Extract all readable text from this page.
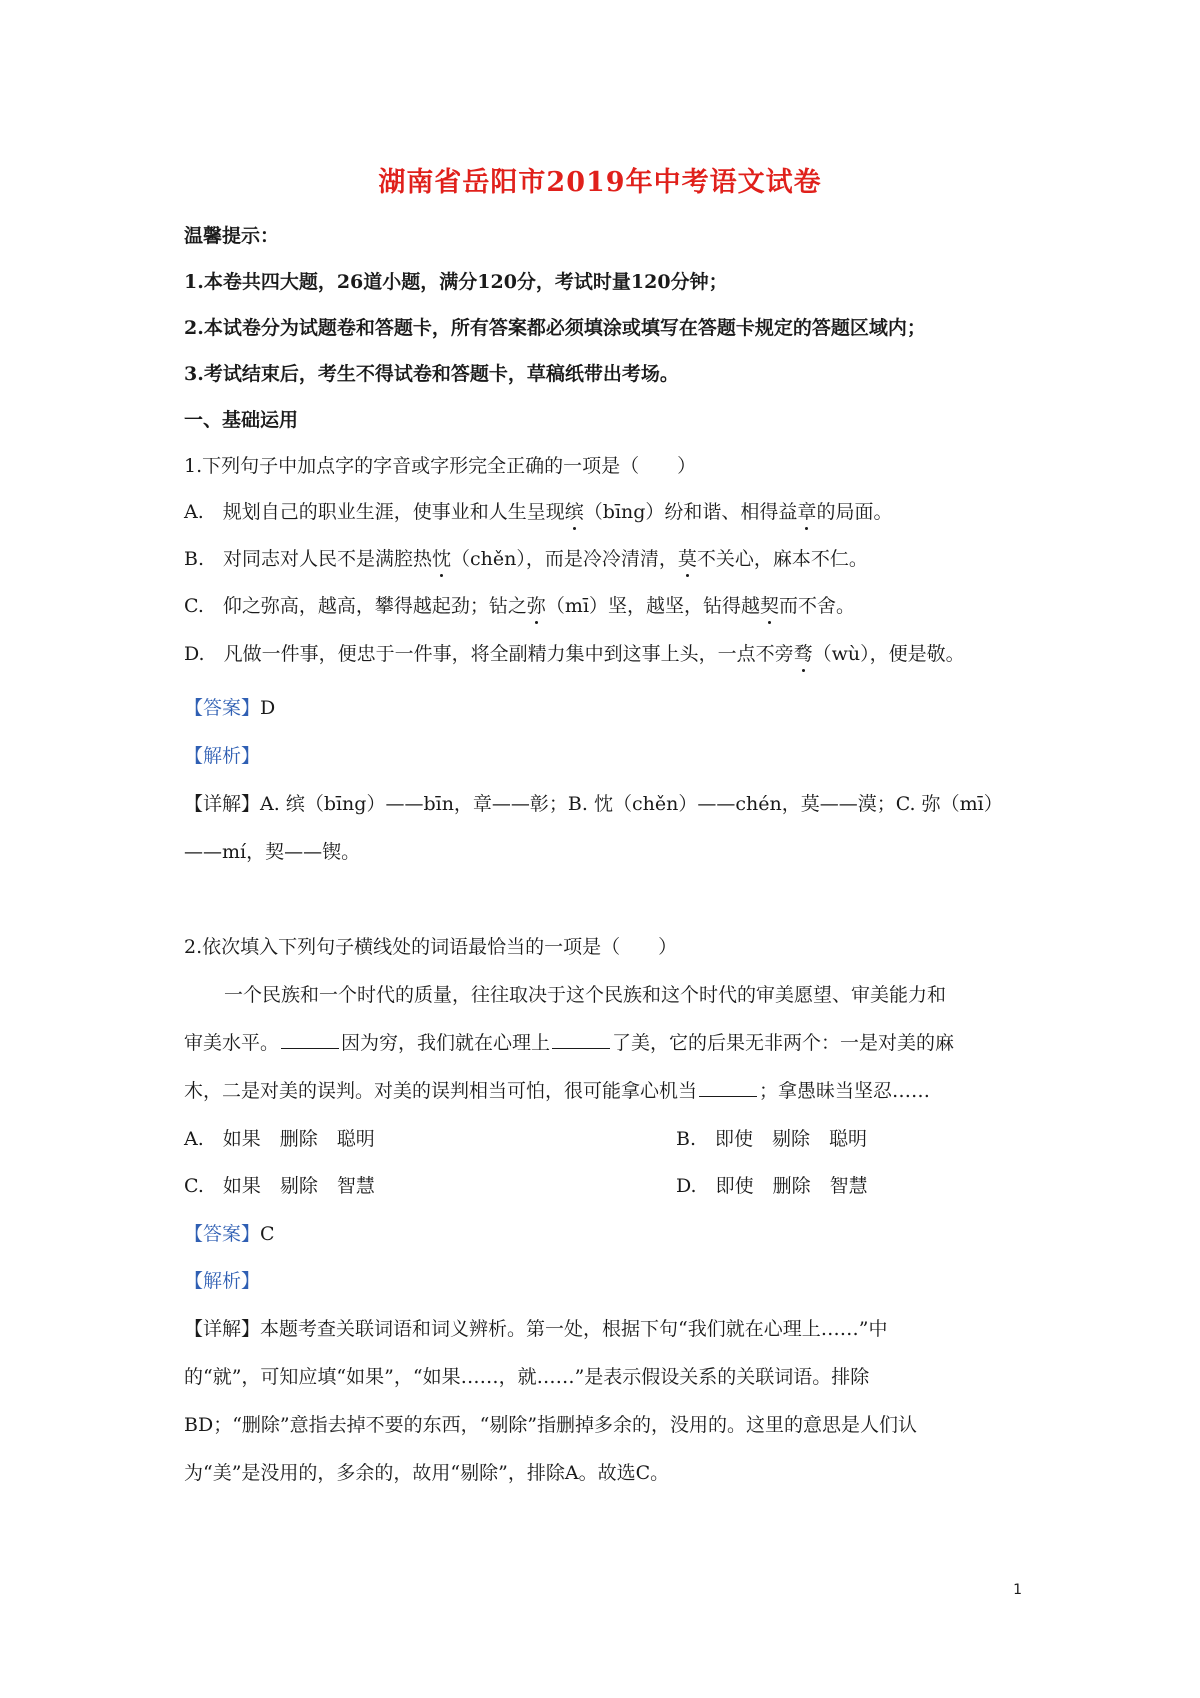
湖南省岳阳市2019年中考语文试卷
温馨提示：
1.本卷共四大题，26道小题，满分120分，考试时量120分钟；
2.本试卷分为试题卷和答题卡，所有答案都必须填涂或填写在答题卡规定的答题区域内；
3.考试结束后，考生不得试卷和答题卡，草稿纸带出考场。
一、基础运用
1.下列句子中加点字的字音或字形完全正确的一项是（　　）
A.　规划自己的职业生涯，使事业和人生呈现缤（bīng）纷和谐、相得益章的局面。
B.　对同志对人民不是满腔热忱（chěn），而是冷冷清清，莫不关心，麻本不仁。
C.　仰之弥高，越高，攀得越起劲；钻之弥（mī）坚，越坚，钻得越契而不舍。
D.　凡做一件事，便忠于一件事，将全副精力集中到这事上头，一点不旁骛（wù），便是敬。
【答案】D
【解析】
【详解】A. 缤（bīng）——bīn，章——彰；B. 忱（chěn）——chén，莫——漠；C. 弥（mī）
——mí，契——锲。
2.依次填入下列句子横线处的词语最恰当的一项是（　　）
一个民族和一个时代的质量，往往取决于这个民族和这个时代的审美愿望、审美能力和
审美水平。	因为穷，我们就在心理上	了美，它的后果无非两个：一是对美的麻
木，二是对美的误判。对美的误判相当可怕，很可能拿心机当	；拿愚昧当坚忍……
A.　如果　删除　聪明	B.　即使　剔除　聪明
C.　如果　剔除　智慧	D.　即使　删除　智慧
【答案】C
【解析】
【详解】本题考查关联词语和词义辨析。第一处，根据下句“我们就在心理上……”中
的“就”，可知应填“如果”，“如果……，就……”是表示假设关系的关联词语。排除
BD；“删除”意指去掉不要的东西，“剔除”指删掉多余的，没用的。这里的意思是人们认
为“美”是没用的，多余的，故用“剔除”，排除A。故选C。
1
